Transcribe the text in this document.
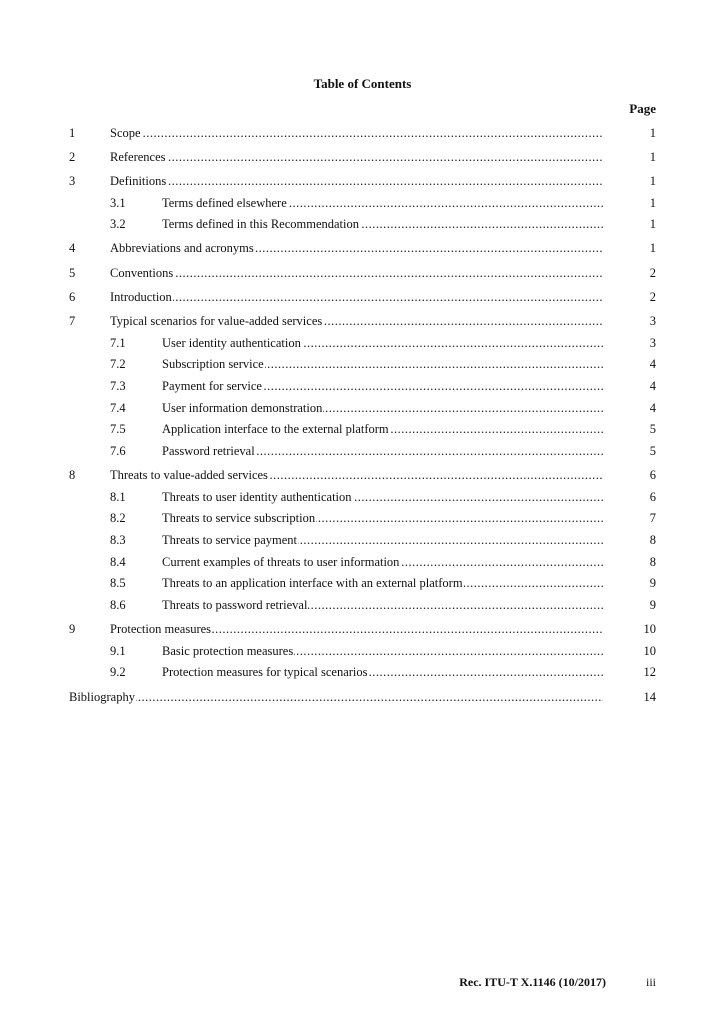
Table of Contents
Page
1	Scope .....	1
2	References .....	1
3	Definitions .....	1
3.1	Terms defined elsewhere .....	1
3.2	Terms defined in this Recommendation .....	1
4	Abbreviations and acronyms .....	1
5	Conventions .....	2
6	Introduction .....	2
7	Typical scenarios for value-added services .....	3
7.1	User identity authentication .....	3
7.2	Subscription service .....	4
7.3	Payment for service .....	4
7.4	User information demonstration .....	4
7.5	Application interface to the external platform .....	5
7.6	Password retrieval .....	5
8	Threats to value-added services .....	6
8.1	Threats to user identity authentication .....	6
8.2	Threats to service subscription .....	7
8.3	Threats to service payment .....	8
8.4	Current examples of threats to user information .....	8
8.5	Threats to an application interface with an external platform .....	9
8.6	Threats to password retrieval .....	9
9	Protection measures .....	10
9.1	Basic protection measures .....	10
9.2	Protection measures for typical scenarios .....	12
Bibliography .....	14
Rec. ITU-T X.1146 (10/2017)	iii
